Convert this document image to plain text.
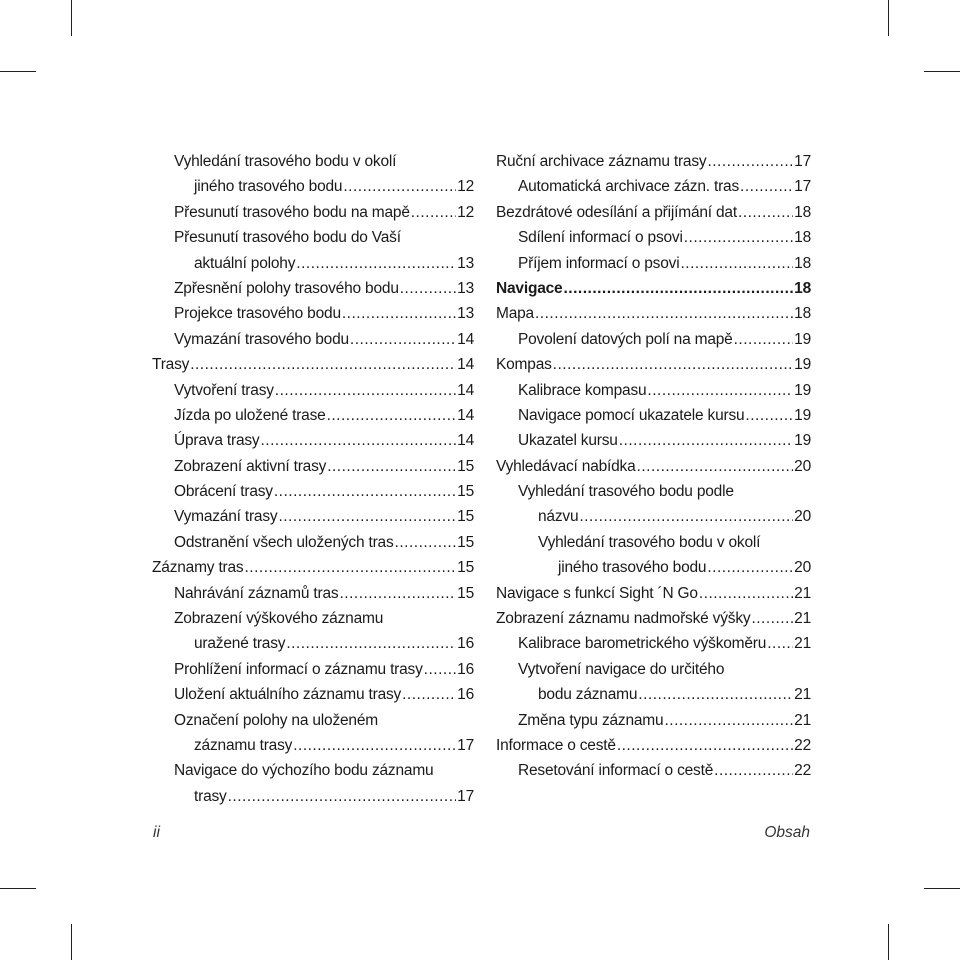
Vyhledání trasového bodu v okolí
jiného trasového bodu .....	12
Přesunutí trasového bodu na mapě .....	12
Přesunutí trasového bodu do Vaší
aktuální polohy .....	13
Zpřesnění polohy trasového bodu .....	13
Projekce trasového bodu .....	13
Vymazání trasového bodu .....	14
Trasy .....	14
Vytvoření trasy .....	14
Jízda po uložené trase .....	14
Úprava trasy .....	14
Zobrazení aktivní trasy .....	15
Obrácení trasy .....	15
Vymazání trasy .....	15
Odstranění všech uložených tras .....	15
Záznamy tras .....	15
Nahrávání záznamů tras .....	15
Zobrazení výškového záznamu
uražené trasy .....	16
Prohlížení informací o záznamu trasy ..... 16
Uložení aktuálního záznamu trasy .....	16
Označení polohy na uloženém
záznamu trasy .....	17
Navigace do výchozího bodu záznamu
trasy .....	17
Ruční archivace záznamu trasy .....	17
Automatická archivace zázn. tras .....	17
Bezdrátové odesílání a přijímání dat .....	18
Sdílení informací o psovi .....	18
Příjem informací o psovi .....	18
Navigace .....	18
Mapa .....	18
Povolení datových polí na mapě .....	19
Kompas .....	19
Kalibrace kompasu .....	19
Navigace pomocí ukazatele kursu .....	19
Ukazatel kursu .....	19
Vyhledávací nabídka .....	20
Vyhledání trasového bodu podle
názvu .....	20
Vyhledání trasového bodu v okolí
jiného trasového bodu .....	20
Navigace s funkcí Sight ´N Go .....	21
Zobrazení záznamu nadmořské výšky .....	21
Kalibrace barometrického výškoměru ..... 21
Vytvoření navigace do určitého
bodu záznamu .....	21
Změna typu záznamu .....	21
Informace o cestě .....	22
Resetování informací o cestě .....	22
ii	Obsah
